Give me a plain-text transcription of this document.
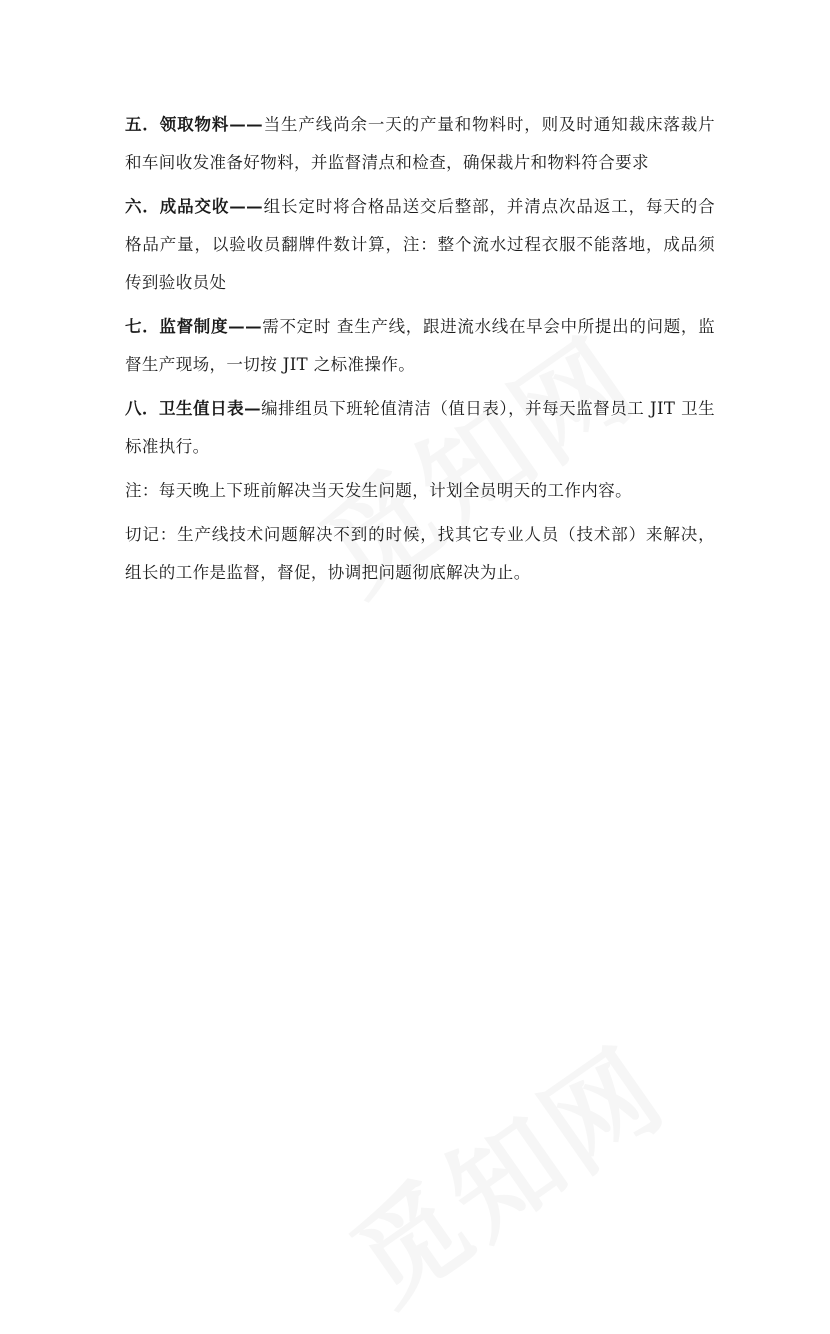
五．领取物料——当生产线尚余一天的产量和物料时，则及时通知裁床落裁片和车间收发准备好物料，并监督清点和检查，确保裁片和物料符合要求

六．成品交收——组长定时将合格品送交后整部，并清点次品返工，每天的合格品产量，以验收员翻牌件数计算，注：整个流水过程衣服不能落地，成品须传到验收员处

七．监督制度——需不定时 查生产线，跟进流水线在早会中所提出的问题，监督生产现场，一切按 JIT 之标准操作。

八．卫生值日表—编排组员下班轮值清洁（值日表），并每天监督员工 JIT 卫生标准执行。

注：每天晚上下班前解决当天发生问题，计划全员明天的工作内容。

切记：生产线技术问题解决不到的时候，找其它专业人员（技术部）来解决，组长的工作是监督，督促，协调把问题彻底解决为止。
